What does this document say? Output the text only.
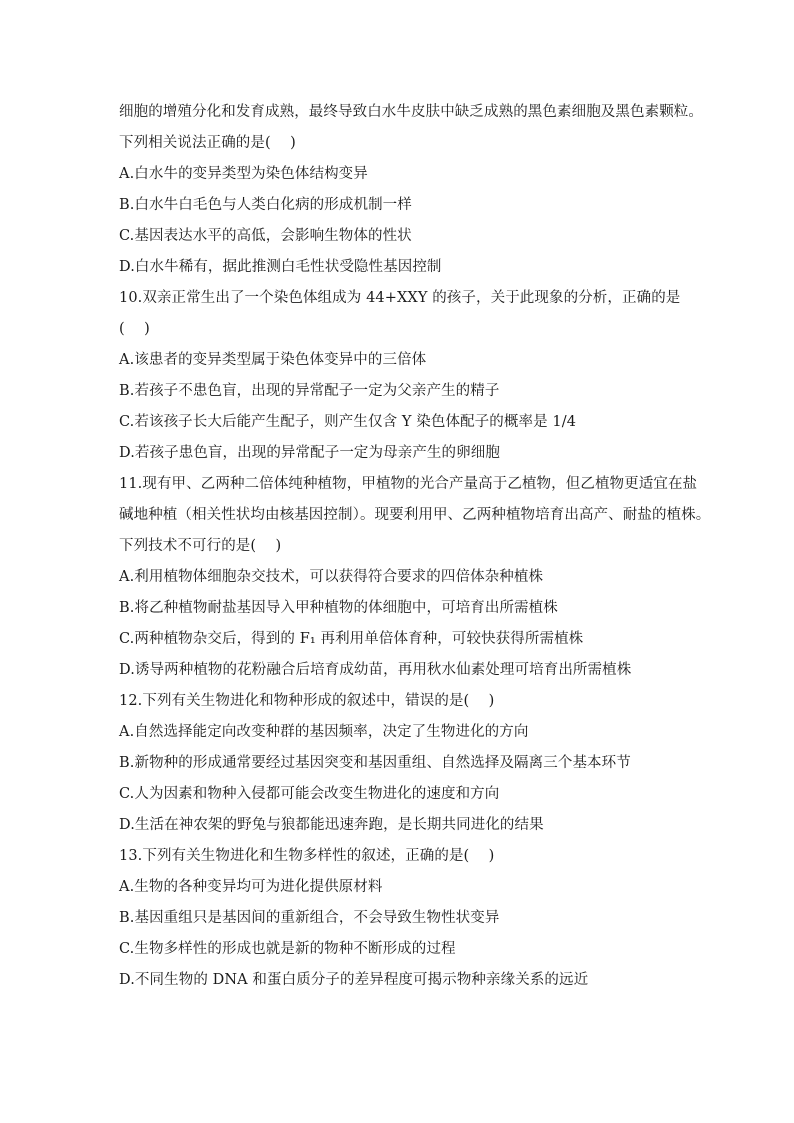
细胞的增殖分化和发育成熟，最终导致白水牛皮肤中缺乏成熟的黑色素细胞及黑色素颗粒。
下列相关说法正确的是(　 )
A.白水牛的变异类型为染色体结构变异
B.白水牛白毛色与人类白化病的形成机制一样
C.基因表达水平的高低，会影响生物体的性状
D.白水牛稀有，据此推测白毛性状受隐性基因控制
10.双亲正常生出了一个染色体组成为 44+XXY 的孩子，关于此现象的分析，正确的是
(　 )
A.该患者的变异类型属于染色体变异中的三倍体
B.若孩子不患色盲，出现的异常配子一定为父亲产生的精子
C.若该孩子长大后能产生配子，则产生仅含 Y 染色体配子的概率是 1/4
D.若孩子患色盲，出现的异常配子一定为母亲产生的卵细胞
11.现有甲、乙两种二倍体纯种植物，甲植物的光合产量高于乙植物，但乙植物更适宜在盐
碱地种植（相关性状均由核基因控制）。现要利用甲、乙两种植物培育出高产、耐盐的植株。
下列技术不可行的是(　 )
A.利用植物体细胞杂交技术，可以获得符合要求的四倍体杂种植株
B.将乙种植物耐盐基因导入甲种植物的体细胞中，可培育出所需植株
C.两种植物杂交后，得到的 F₁ 再利用单倍体育种，可较快获得所需植株
D.诱导两种植物的花粉融合后培育成幼苗，再用秋水仙素处理可培育出所需植株
12.下列有关生物进化和物种形成的叙述中，错误的是(　 )
A.自然选择能定向改变种群的基因频率，决定了生物进化的方向
B.新物种的形成通常要经过基因突变和基因重组、自然选择及隔离三个基本环节
C.人为因素和物种入侵都可能会改变生物进化的速度和方向
D.生活在神农架的野兔与狼都能迅速奔跑，是长期共同进化的结果
13.下列有关生物进化和生物多样性的叙述，正确的是(　 )
A.生物的各种变异均可为进化提供原材料
B.基因重组只是基因间的重新组合，不会导致生物性状变异
C.生物多样性的形成也就是新的物种不断形成的过程
D.不同生物的 DNA 和蛋白质分子的差异程度可揭示物种亲缘关系的远近
